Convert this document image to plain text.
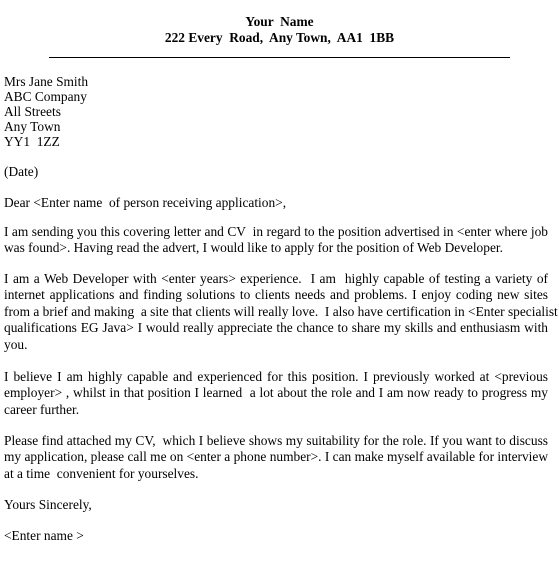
Your  Name
222 Every  Road,  Any Town,  AA1  1BB
Mrs Jane Smith
ABC Company
All Streets
Any Town
YY1  1ZZ
(Date)
Dear <Enter name  of person receiving application>,
I am sending you this covering letter and CV  in regard to the position advertised in <enter where job
was found>. Having read the advert, I would like to apply for the position of Web Developer.
I am a Web Developer with <enter years> experience.  I am  highly capable of testing a variety of
internet applications and finding solutions to clients needs and problems. I enjoy coding new sites
from a brief and making  a site that clients will really love.  I also have certification in <Enter specialist
qualifications EG Java> I would really appreciate the chance to share my skills and enthusiasm with
you.
I believe I am highly capable and experienced for this position. I previously worked at <previous
employer> , whilst in that position I learned  a lot about the role and I am now ready to progress my
career further.
Please find attached my CV,  which I believe shows my suitability for the role. If you want to discuss
my application, please call me on <enter a phone number>. I can make myself available for interview
at a time  convenient for yourselves.
Yours Sincerely,
<Enter name >
